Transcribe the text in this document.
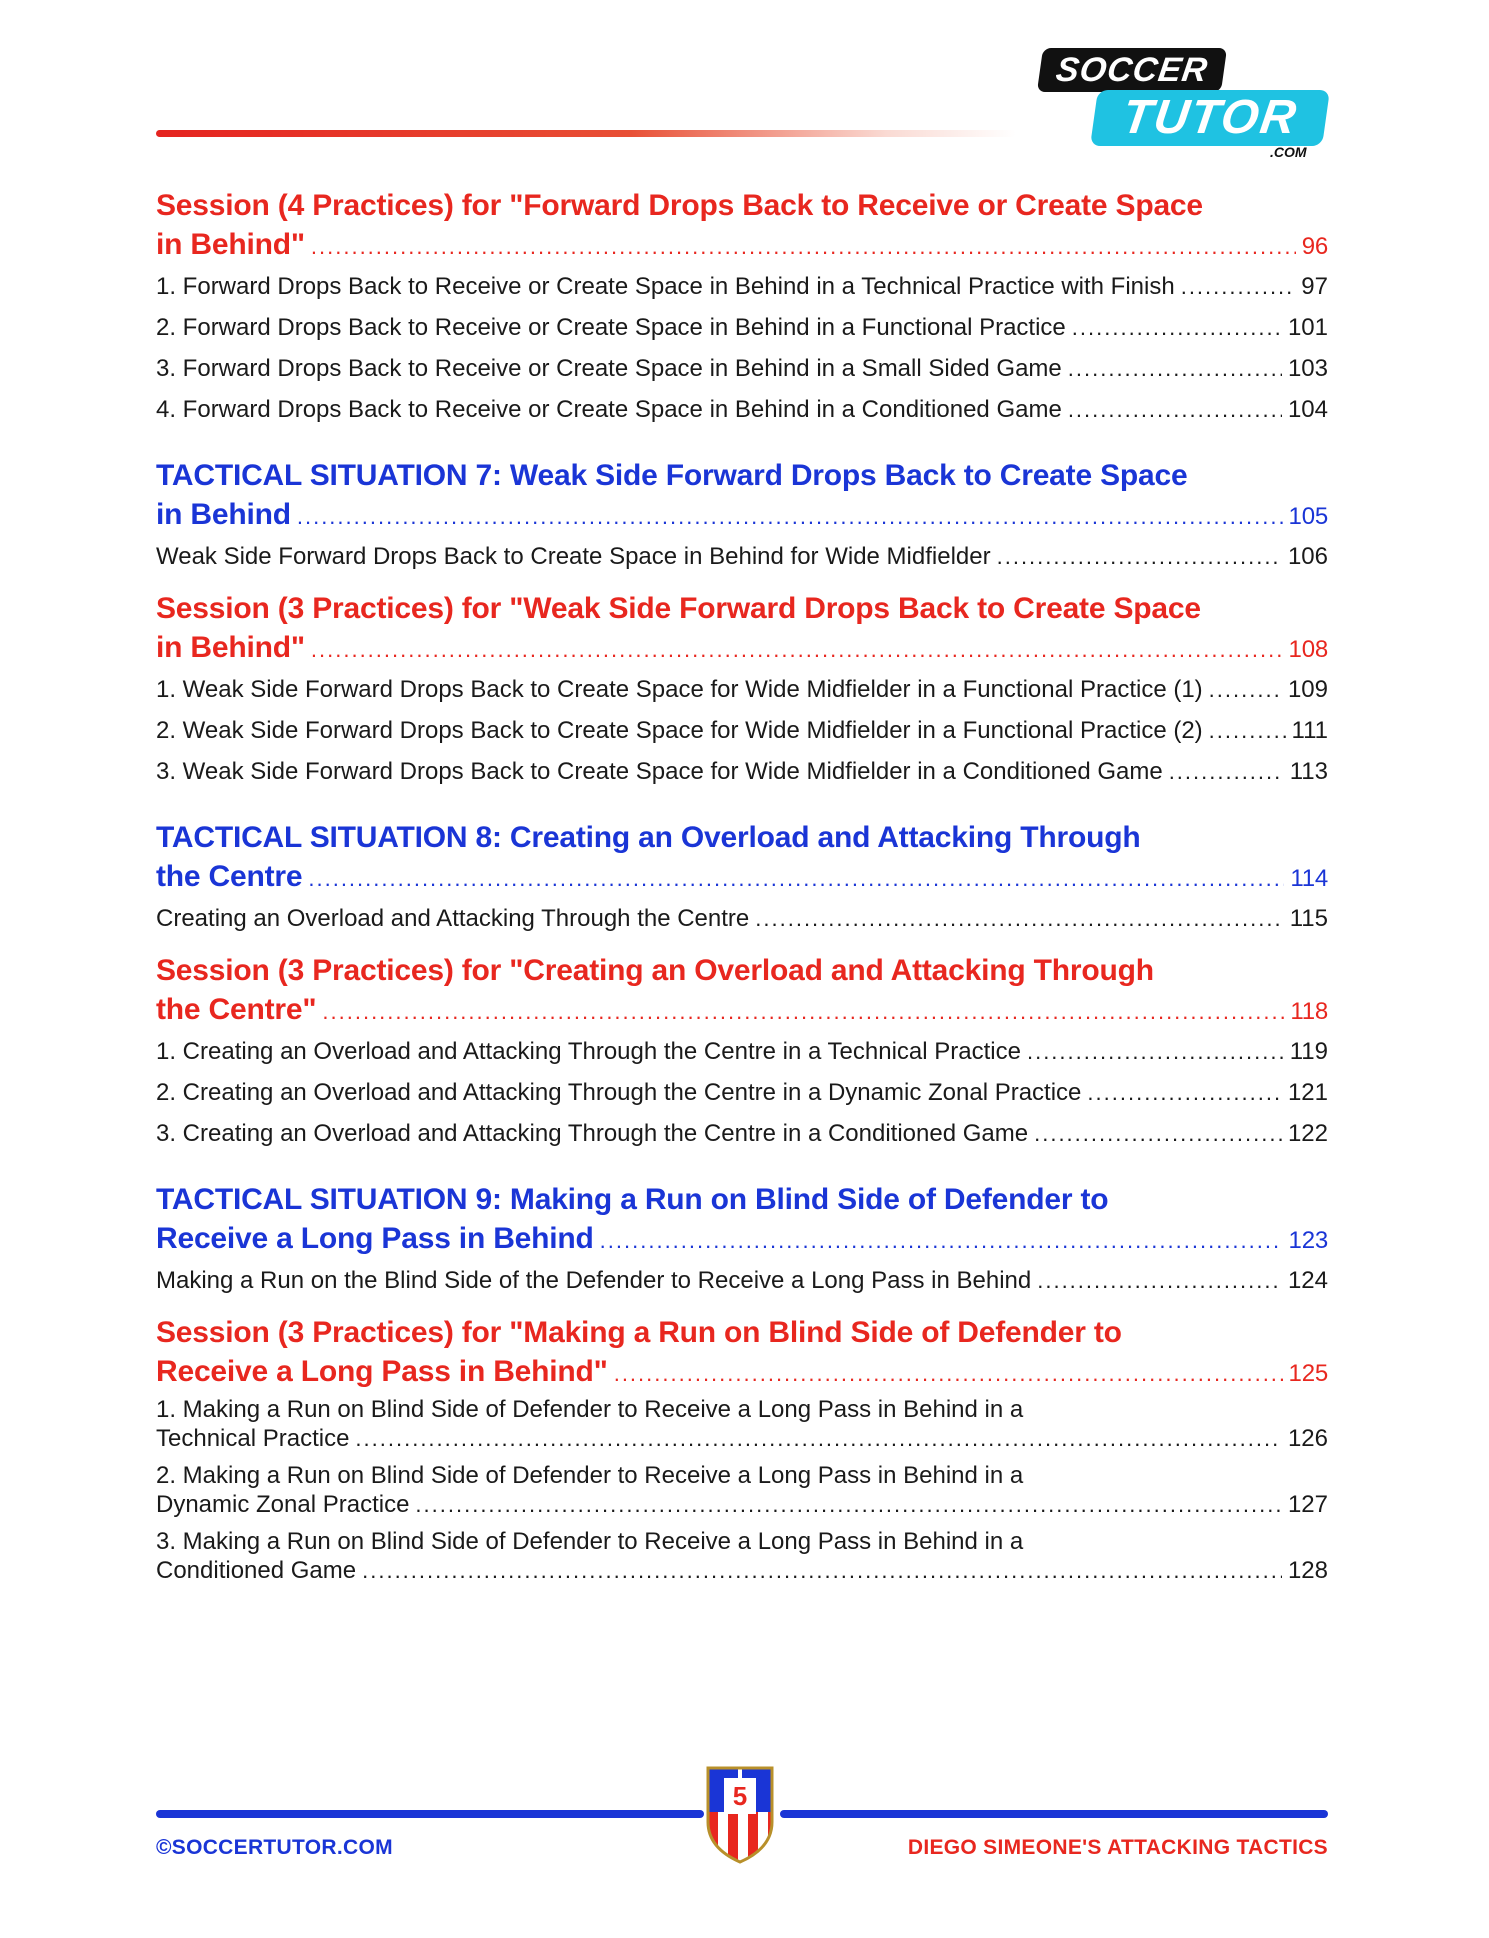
SOCCER
TUTOR
.COM
Session (4 Practices) for "Forward Drops Back to Receive or Create Space
in Behind" .....	96
1. Forward Drops Back to Receive or Create Space in Behind in a Technical Practice with Finish .....	97
2. Forward Drops Back to Receive or Create Space in Behind in a Functional Practice .....	101
3. Forward Drops Back to Receive or Create Space in Behind in a Small Sided Game .....	103
4. Forward Drops Back to Receive or Create Space in Behind in a Conditioned Game .....	104
TACTICAL SITUATION 7: Weak Side Forward Drops Back to Create Space
in Behind .....	105
Weak Side Forward Drops Back to Create Space in Behind for Wide Midfielder .....	106
Session (3 Practices) for "Weak Side Forward Drops Back to Create Space
in Behind" .....	108
1. Weak Side Forward Drops Back to Create Space for Wide Midfielder in a Functional Practice (1) .....	109
2. Weak Side Forward Drops Back to Create Space for Wide Midfielder in a Functional Practice (2) .....	111
3. Weak Side Forward Drops Back to Create Space for Wide Midfielder in a Conditioned Game .....	113
TACTICAL SITUATION 8: Creating an Overload and Attacking Through
the Centre .....	114
Creating an Overload and Attacking Through the Centre .....	115
Session (3 Practices) for "Creating an Overload and Attacking Through
the Centre" .....	118
1. Creating an Overload and Attacking Through the Centre in a Technical Practice .....	119
2. Creating an Overload and Attacking Through the Centre in a Dynamic Zonal Practice .....	121
3. Creating an Overload and Attacking Through the Centre in a Conditioned Game .....	122
TACTICAL SITUATION 9: Making a Run on Blind Side of Defender to
Receive a Long Pass in Behind .....	123
Making a Run on the Blind Side of the Defender to Receive a Long Pass in Behind .....	124
Session (3 Practices) for "Making a Run on Blind Side of Defender to
Receive a Long Pass in Behind" .....	125
1. Making a Run on Blind Side of Defender to Receive a Long Pass in Behind in a
Technical Practice .....	126
2. Making a Run on Blind Side of Defender to Receive a Long Pass in Behind in a
Dynamic Zonal Practice .....	127
3. Making a Run on Blind Side of Defender to Receive a Long Pass in Behind in a
Conditioned Game .....	128
5
©SOCCERTUTOR.COM	DIEGO SIMEONE'S ATTACKING TACTICS
